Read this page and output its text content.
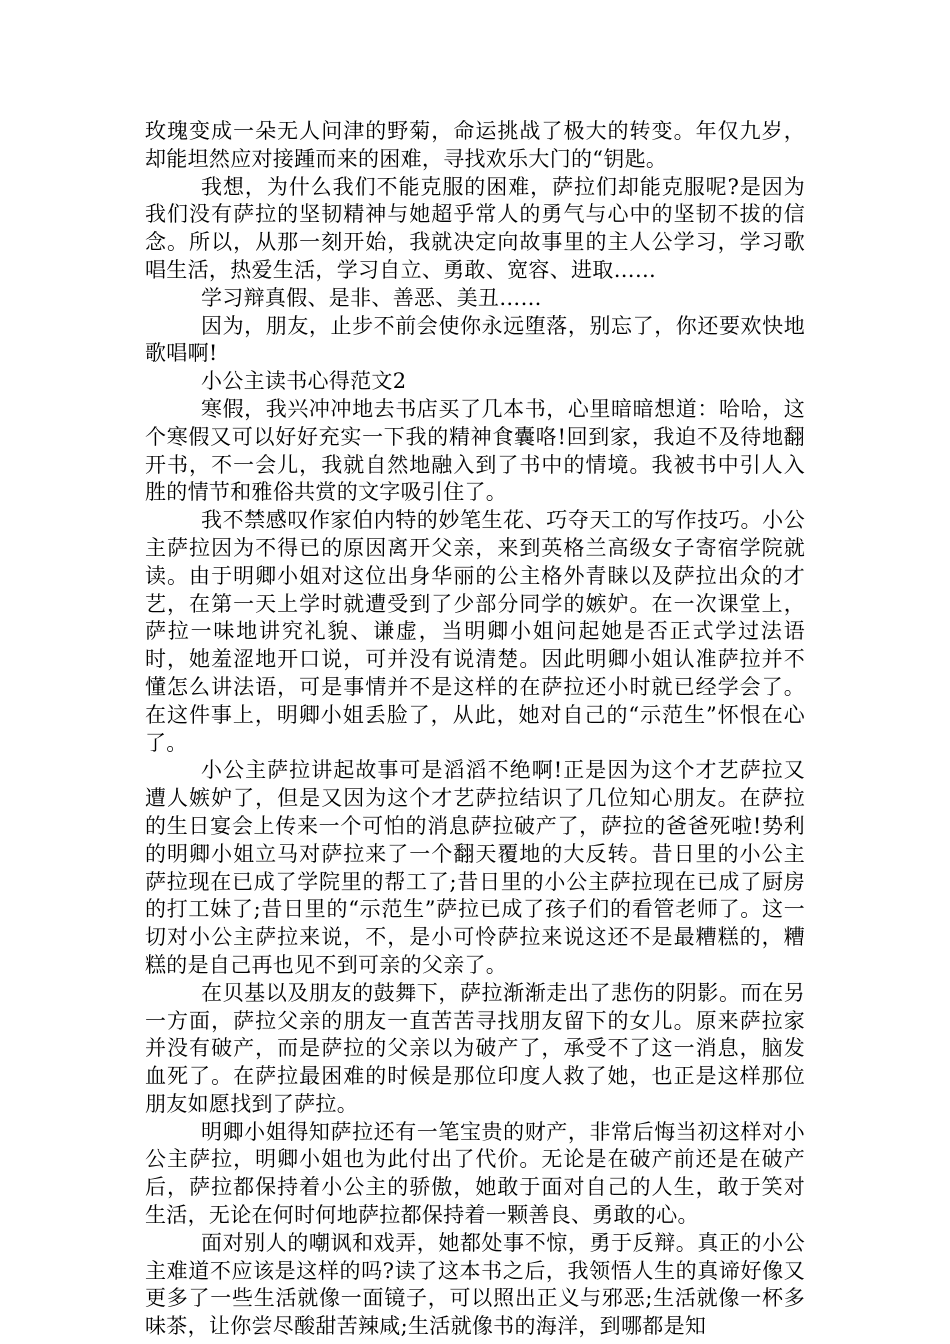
玫瑰变成一朵无人问津的野菊，命运挑战了极大的转变。年仅九岁，却能坦然应对接踵而来的困难，寻找欢乐大门的“钥匙。

我想，为什么我们不能克服的困难，萨拉们却能克服呢?是因为我们没有萨拉的坚韧精神与她超乎常人的勇气与心中的坚韧不拔的信念。所以，从那一刻开始，我就决定向故事里的主人公学习，学习歌唱生活，热爱生活，学习自立、勇敢、宽容、进取……

学习辩真假、是非、善恶、美丑……

因为，朋友，止步不前会使你永远堕落，别忘了，你还要欢快地歌唱啊!

小公主读书心得范文2

寒假，我兴冲冲地去书店买了几本书，心里暗暗想道：哈哈，这个寒假又可以好好充实一下我的精神食囊咯!回到家，我迫不及待地翻开书，不一会儿，我就自然地融入到了书中的情境。我被书中引人入胜的情节和雅俗共赏的文字吸引住了。

我不禁感叹作家伯内特的妙笔生花、巧夺天工的写作技巧。小公主萨拉因为不得已的原因离开父亲，来到英格兰高级女子寄宿学院就读。由于明卿小姐对这位出身华丽的公主格外青睐以及萨拉出众的才艺，在第一天上学时就遭受到了少部分同学的嫉妒。在一次课堂上，萨拉一味地讲究礼貌、谦虚，当明卿小姐问起她是否正式学过法语时，她羞涩地开口说，可并没有说清楚。因此明卿小姐认准萨拉并不懂怎么讲法语，可是事情并不是这样的在萨拉还小时就已经学会了。在这件事上，明卿小姐丢脸了，从此，她对自己的“示范生”怀恨在心了。

小公主萨拉讲起故事可是滔滔不绝啊!正是因为这个才艺萨拉又遭人嫉妒了，但是又因为这个才艺萨拉结识了几位知心朋友。在萨拉的生日宴会上传来一个可怕的消息萨拉破产了，萨拉的爸爸死啦!势利的明卿小姐立马对萨拉来了一个翻天覆地的大反转。昔日里的小公主萨拉现在已成了学院里的帮工了;昔日里的小公主萨拉现在已成了厨房的打工妹了;昔日里的“示范生”萨拉已成了孩子们的看管老师了。这一切对小公主萨拉来说，不，是小可怜萨拉来说这还不是最糟糕的，糟糕的是自己再也见不到可亲的父亲了。

在贝基以及朋友的鼓舞下，萨拉渐渐走出了悲伤的阴影。而在另一方面，萨拉父亲的朋友一直苦苦寻找朋友留下的女儿。原来萨拉家并没有破产，而是萨拉的父亲以为破产了，承受不了这一消息，脑发血死了。在萨拉最困难的时候是那位印度人救了她，也正是这样那位朋友如愿找到了萨拉。

明卿小姐得知萨拉还有一笔宝贵的财产，非常后悔当初这样对小公主萨拉，明卿小姐也为此付出了代价。无论是在破产前还是在破产后，萨拉都保持着小公主的骄傲，她敢于面对自己的人生，敢于笑对生活，无论在何时何地萨拉都保持着一颗善良、勇敢的心。

面对别人的嘲讽和戏弄，她都处事不惊，勇于反辩。真正的小公主难道不应该是这样的吗?读了这本书之后，我领悟人生的真谛好像又更多了一些生活就像一面镜子，可以照出正义与邪恶;生活就像一杯多味茶，让你尝尽酸甜苦辣咸;生活就像书的海洋，到哪都是知
